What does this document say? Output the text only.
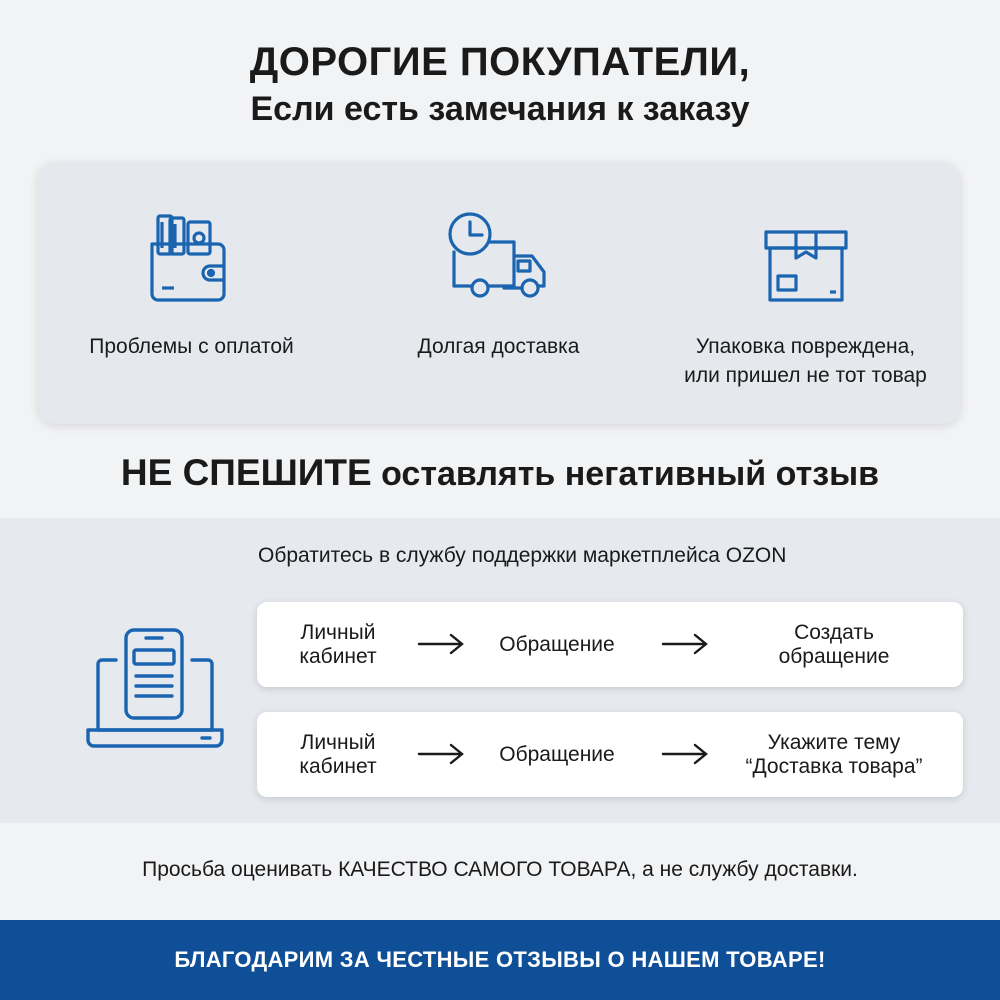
ДОРОГИЕ ПОКУПАТЕЛИ,
Если есть замечания к заказу
Проблемы с оплатой	Долгая доставка	Упаковка повреждена,
или пришел не тот товар
НЕ СПЕШИТЕ оставлять негативный отзыв
Обратитесь в службу поддержки маркетплейса OZON
Личный
кабинет
Обращение
Создать
обращение
Личный
кабинет
Обращение
Укажите тему
“Доставка товара”
Просьба оценивать КАЧЕСТВО САМОГО ТОВАРА, а не службу доставки.
БЛАГОДАРИМ ЗА ЧЕСТНЫЕ ОТЗЫВЫ О НАШЕМ ТОВАРЕ!
